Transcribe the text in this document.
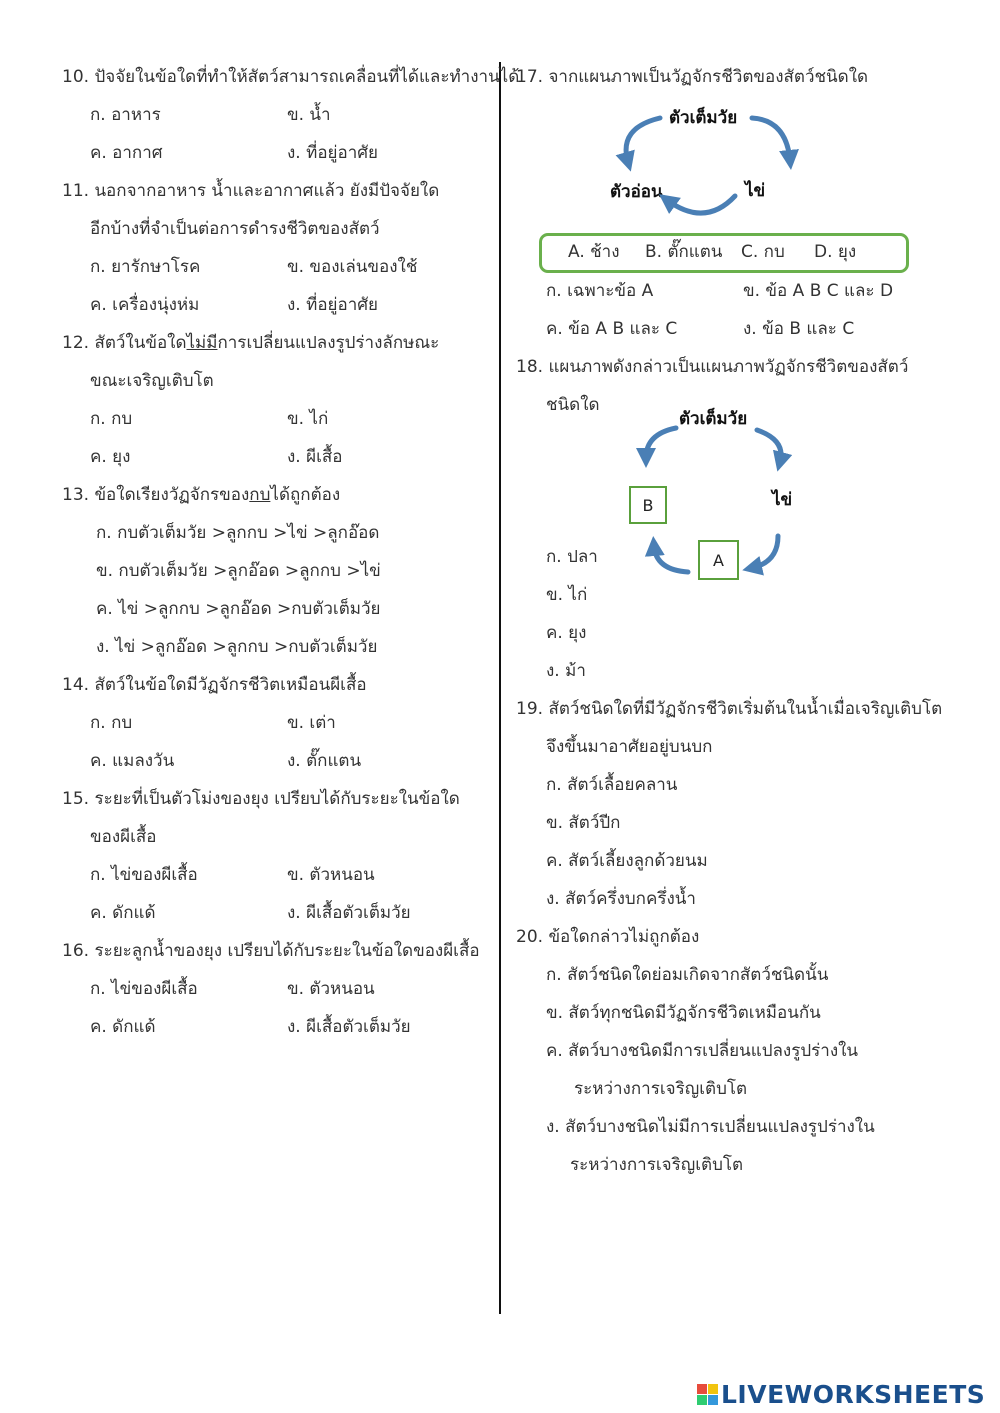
10. ปัจจัยในข้อใดที่ทำให้สัตว์สามารถเคลื่อนที่ได้และทำงานได้
ก. อาหาร	ข. น้ำ
ค. อากาศ	ง. ที่อยู่อาศัย
11. นอกจากอาหาร น้ำและอากาศแล้ว ยังมีปัจจัยใด
อีกบ้างที่จำเป็นต่อการดำรงชีวิตของสัตว์
ก. ยารักษาโรค	ข. ของเล่นของใช้
ค. เครื่องนุ่งห่ม	ง. ที่อยู่อาศัย
12. สัตว์ในข้อใดไม่มีการเปลี่ยนแปลงรูปร่างลักษณะ
ขณะเจริญเติบโต
ก. กบ	ข. ไก่
ค. ยุง	ง. ผีเสื้อ
13. ข้อใดเรียงวัฏจักรของกบได้ถูกต้อง
ก. กบตัวเต็มวัย >ลูกกบ >ไข่ >ลูกอ๊อด
ข. กบตัวเต็มวัย >ลูกอ๊อด >ลูกกบ >ไข่
ค. ไข่ >ลูกกบ >ลูกอ๊อด >กบตัวเต็มวัย
ง. ไข่ >ลูกอ๊อด >ลูกกบ >กบตัวเต็มวัย
14. สัตว์ในข้อใดมีวัฏจักรชีวิตเหมือนผีเสื้อ
ก. กบ	ข. เต่า
ค. แมลงวัน	ง. ตั๊กแตน
15. ระยะที่เป็นตัวโม่งของยุง เปรียบได้กับระยะในข้อใด
ของผีเสื้อ
ก. ไข่ของผีเสื้อ	ข. ตัวหนอน
ค. ดักแด้	ง. ผีเสื้อตัวเต็มวัย
16. ระยะลูกน้ำของยุง เปรียบได้กับระยะในข้อใดของผีเสื้อ
ก. ไข่ของผีเสื้อ	ข. ตัวหนอน
ค. ดักแด้	ง. ผีเสื้อตัวเต็มวัย
17. จากแผนภาพเป็นวัฏจักรชีวิตของสัตว์ชนิดใด
ตัวเต็มวัย
ตัวอ่อน	ไข่
A. ช้าง B. ตั๊กแตน C. กบ D. ยุง
ก. เฉพาะข้อ A	ข. ข้อ A B C และ D
ค. ข้อ A B และ C	ง. ข้อ B และ C
18. แผนภาพดังกล่าวเป็นแผนภาพวัฏจักรชีวิตของสัตว์
ชนิดใด
ตัวเต็มวัย
ไข่
B
A
ก. ปลา
ข. ไก่
ค. ยุง
ง. ม้า
19. สัตว์ชนิดใดที่มีวัฏจักรชีวิตเริ่มต้นในน้ำเมื่อเจริญเติบโต
จึงขึ้นมาอาศัยอยู่บนบก
ก. สัตว์เลื้อยคลาน
ข. สัตว์ปีก
ค. สัตว์เลี้ยงลูกด้วยนม
ง. สัตว์ครึ่งบกครึ่งน้ำ
20. ข้อใดกล่าวไม่ถูกต้อง
ก. สัตว์ชนิดใดย่อมเกิดจากสัตว์ชนิดนั้น
ข. สัตว์ทุกชนิดมีวัฏจักรชีวิตเหมือนกัน
ค. สัตว์บางชนิดมีการเปลี่ยนแปลงรูปร่างใน
ระหว่างการเจริญเติบโต
ง. สัตว์บางชนิดไม่มีการเปลี่ยนแปลงรูปร่างใน
ระหว่างการเจริญเติบโต
LIVEWORKSHEETS
